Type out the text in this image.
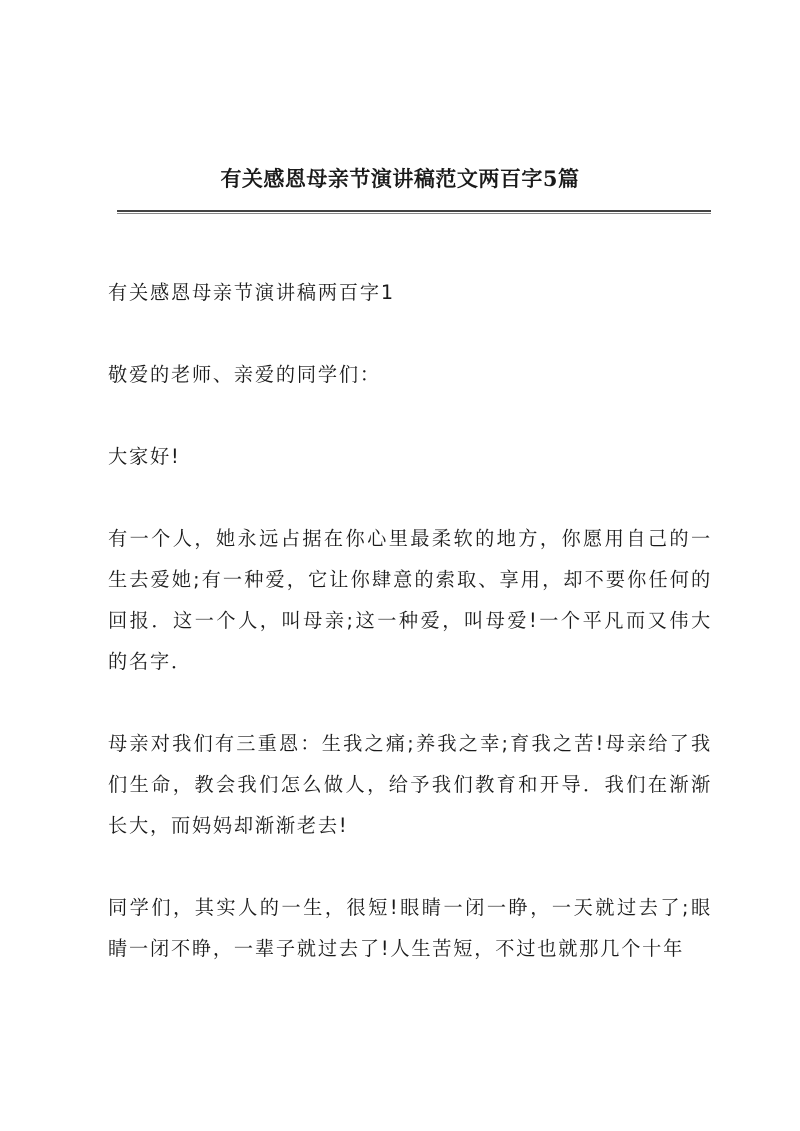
有关感恩母亲节演讲稿范文两百字5篇

有关感恩母亲节演讲稿两百字1

敬爱的老师、亲爱的同学们：

大家好!

有一个人，她永远占据在你心里最柔软的地方，你愿用自己的一生去爱她;有一种爱，它让你肆意的索取、享用，却不要你任何的回报．这一个人，叫母亲;这一种爱，叫母爱!一个平凡而又伟大的名字．

母亲对我们有三重恩：生我之痛;养我之幸;育我之苦!母亲给了我们生命，教会我们怎么做人，给予我们教育和开导．我们在渐渐长大，而妈妈却渐渐老去!

同学们，其实人的一生，很短!眼睛一闭一睁，一天就过去了;眼睛一闭不睁，一辈子就过去了!人生苦短，不过也就那几个十年
